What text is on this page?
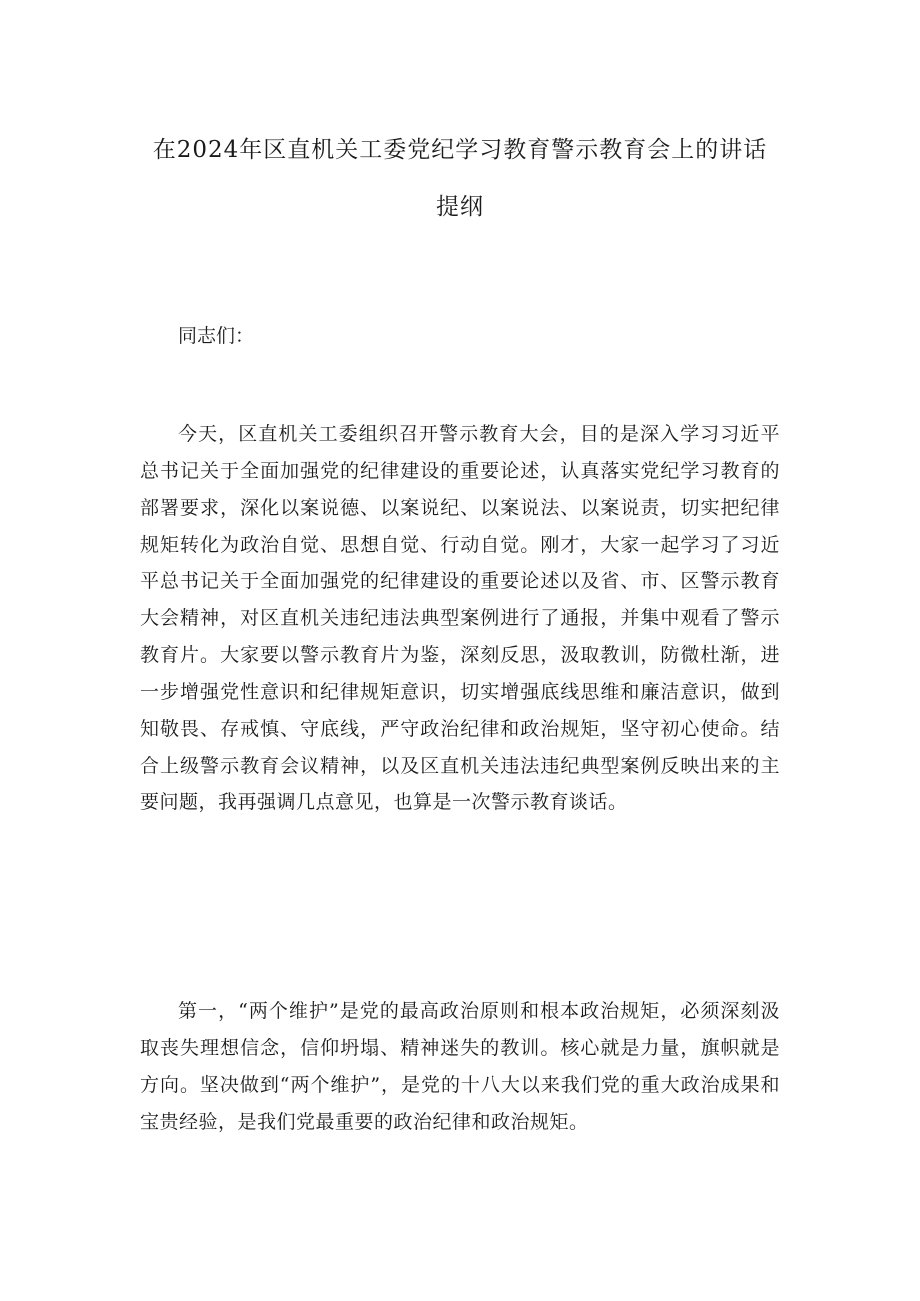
在2024年区直机关工委党纪学习教育警示教育会上的讲话
提纲
同志们：

今天，区直机关工委组织召开警示教育大会，目的是深入学习习近平总书记关于全面加强党的纪律建设的重要论述，认真落实党纪学习教育的部署要求，深化以案说德、以案说纪、以案说法、以案说责，切实把纪律规矩转化为政治自觉、思想自觉、行动自觉。刚才，大家一起学习了习近平总书记关于全面加强党的纪律建设的重要论述以及省、市、区警示教育大会精神，对区直机关违纪违法典型案例进行了通报，并集中观看了警示教育片。大家要以警示教育片为鉴，深刻反思，汲取教训，防微杜渐，进一步增强党性意识和纪律规矩意识，切实增强底线思维和廉洁意识，做到知敬畏、存戒慎、守底线，严守政治纪律和政治规矩，坚守初心使命。结合上级警示教育会议精神，以及区直机关违法违纪典型案例反映出来的主要问题，我再强调几点意见，也算是一次警示教育谈话。

第一，“两个维护”是党的最高政治原则和根本政治规矩，必须深刻汲取丧失理想信念，信仰坍塌、精神迷失的教训。核心就是力量，旗帜就是方向。坚决做到“两个维护”，是党的十八大以来我们党的重大政治成果和宝贵经验，是我们党最重要的政治纪律和政治规矩。
